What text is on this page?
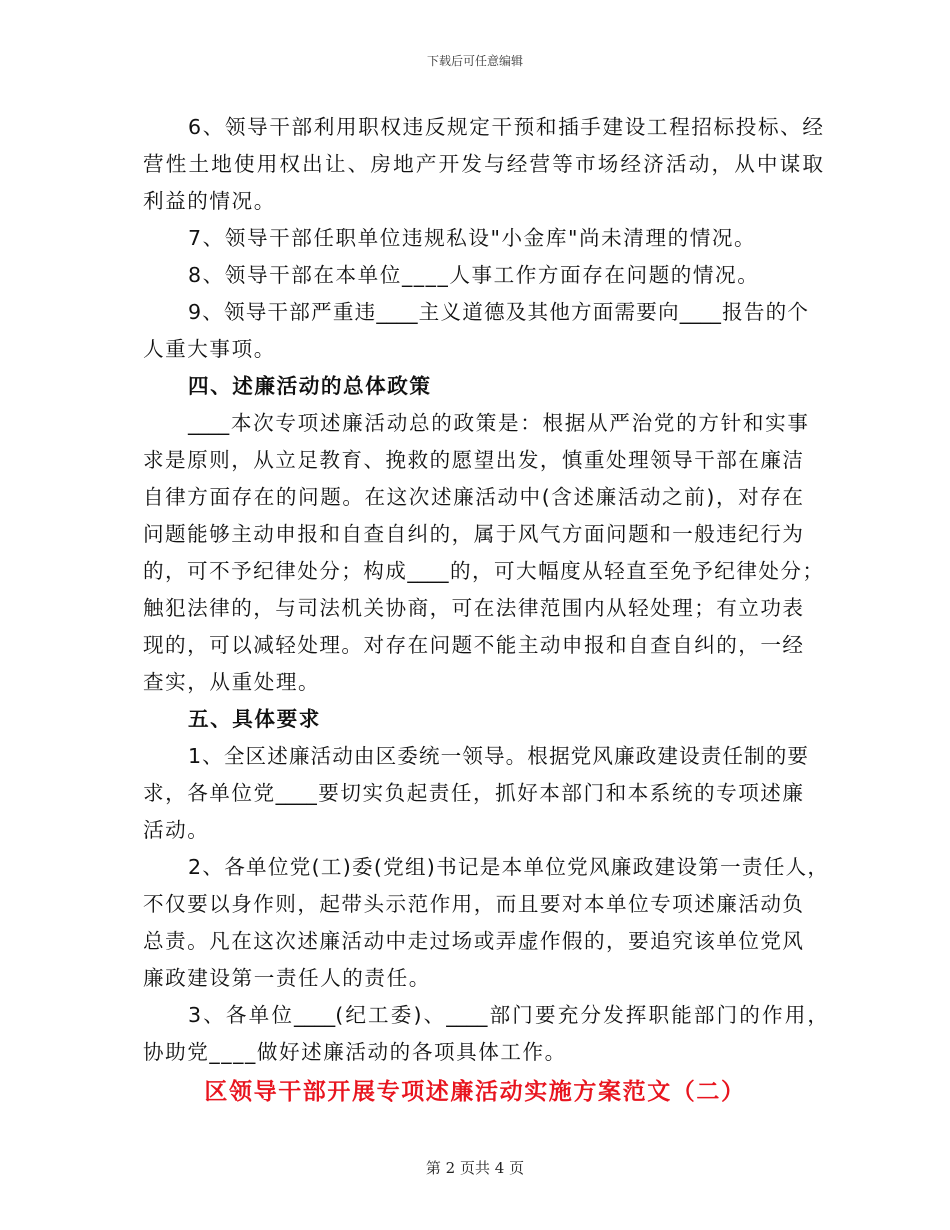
下载后可任意编辑
6、领导干部利用职权违反规定干预和插手建设工程招标投标、经
营性土地使用权出让、房地产开发与经营等市场经济活动，从中谋取
利益的情况。
7、领导干部任职单位违规私设"小金库"尚未清理的情况。
8、领导干部在本单位____人事工作方面存在问题的情况。
9、领导干部严重违____主义道德及其他方面需要向____报告的个
人重大事项。
四、述廉活动的总体政策
____本次专项述廉活动总的政策是：根据从严治党的方针和实事
求是原则，从立足教育、挽救的愿望出发，慎重处理领导干部在廉洁
自律方面存在的问题。在这次述廉活动中(含述廉活动之前)，对存在
问题能够主动申报和自查自纠的，属于风气方面问题和一般违纪行为
的，可不予纪律处分；构成____的，可大幅度从轻直至免予纪律处分；
触犯法律的，与司法机关协商，可在法律范围内从轻处理；有立功表
现的，可以减轻处理。对存在问题不能主动申报和自查自纠的，一经
查实，从重处理。
五、具体要求
1、全区述廉活动由区委统一领导。根据党风廉政建设责任制的要
求，各单位党____要切实负起责任，抓好本部门和本系统的专项述廉
活动。
2、各单位党(工)委(党组)书记是本单位党风廉政建设第一责任人，
不仅要以身作则，起带头示范作用，而且要对本单位专项述廉活动负
总责。凡在这次述廉活动中走过场或弄虚作假的，要追究该单位党风
廉政建设第一责任人的责任。
3、各单位____(纪工委)、____部门要充分发挥职能部门的作用，
协助党____做好述廉活动的各项具体工作。
区领导干部开展专项述廉活动实施方案范文（二）
第 2 页共 4 页
